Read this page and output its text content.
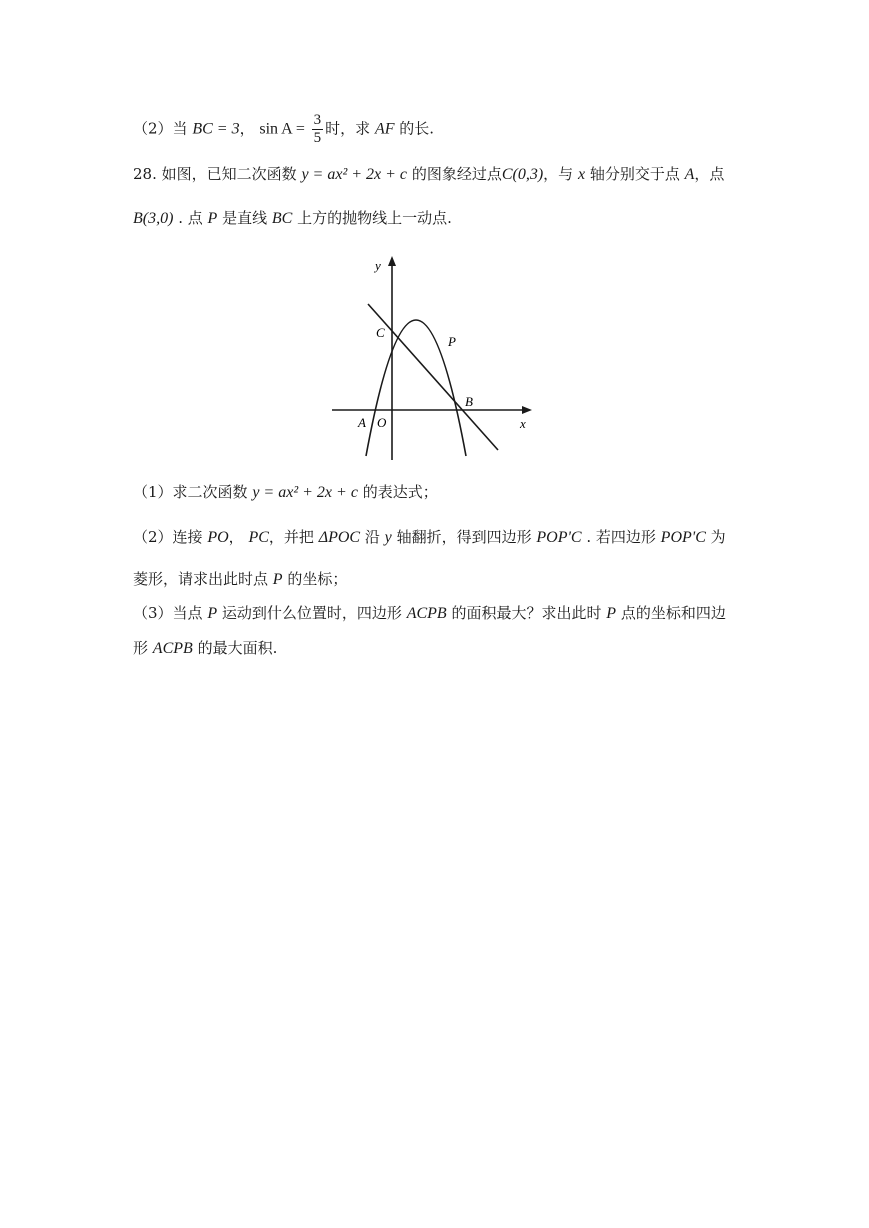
（2）当 BC = 3， $\sin A = \frac{3}{5}$ 时，求 AF 的长.
28. 如图，已知二次函数 y = ax² + 2x + c 的图象经过点C(0,3)，与 x 轴分别交于点 A，点
B(3,0) . 点 P 是直线 BC 上方的抛物线上一动点.
y
x
C
P
B
A O
（1）求二次函数 y = ax² + 2x + c 的表达式；
（2）连接 PO， PC，并把 ΔPOC 沿 y 轴翻折，得到四边形 POP'C . 若四边形 POP'C 为
菱形，请求出此时点 P 的坐标；
（3）当点 P 运动到什么位置时，四边形 ACPB 的面积最大？求出此时 P 点的坐标和四边
形 ACPB 的最大面积.
